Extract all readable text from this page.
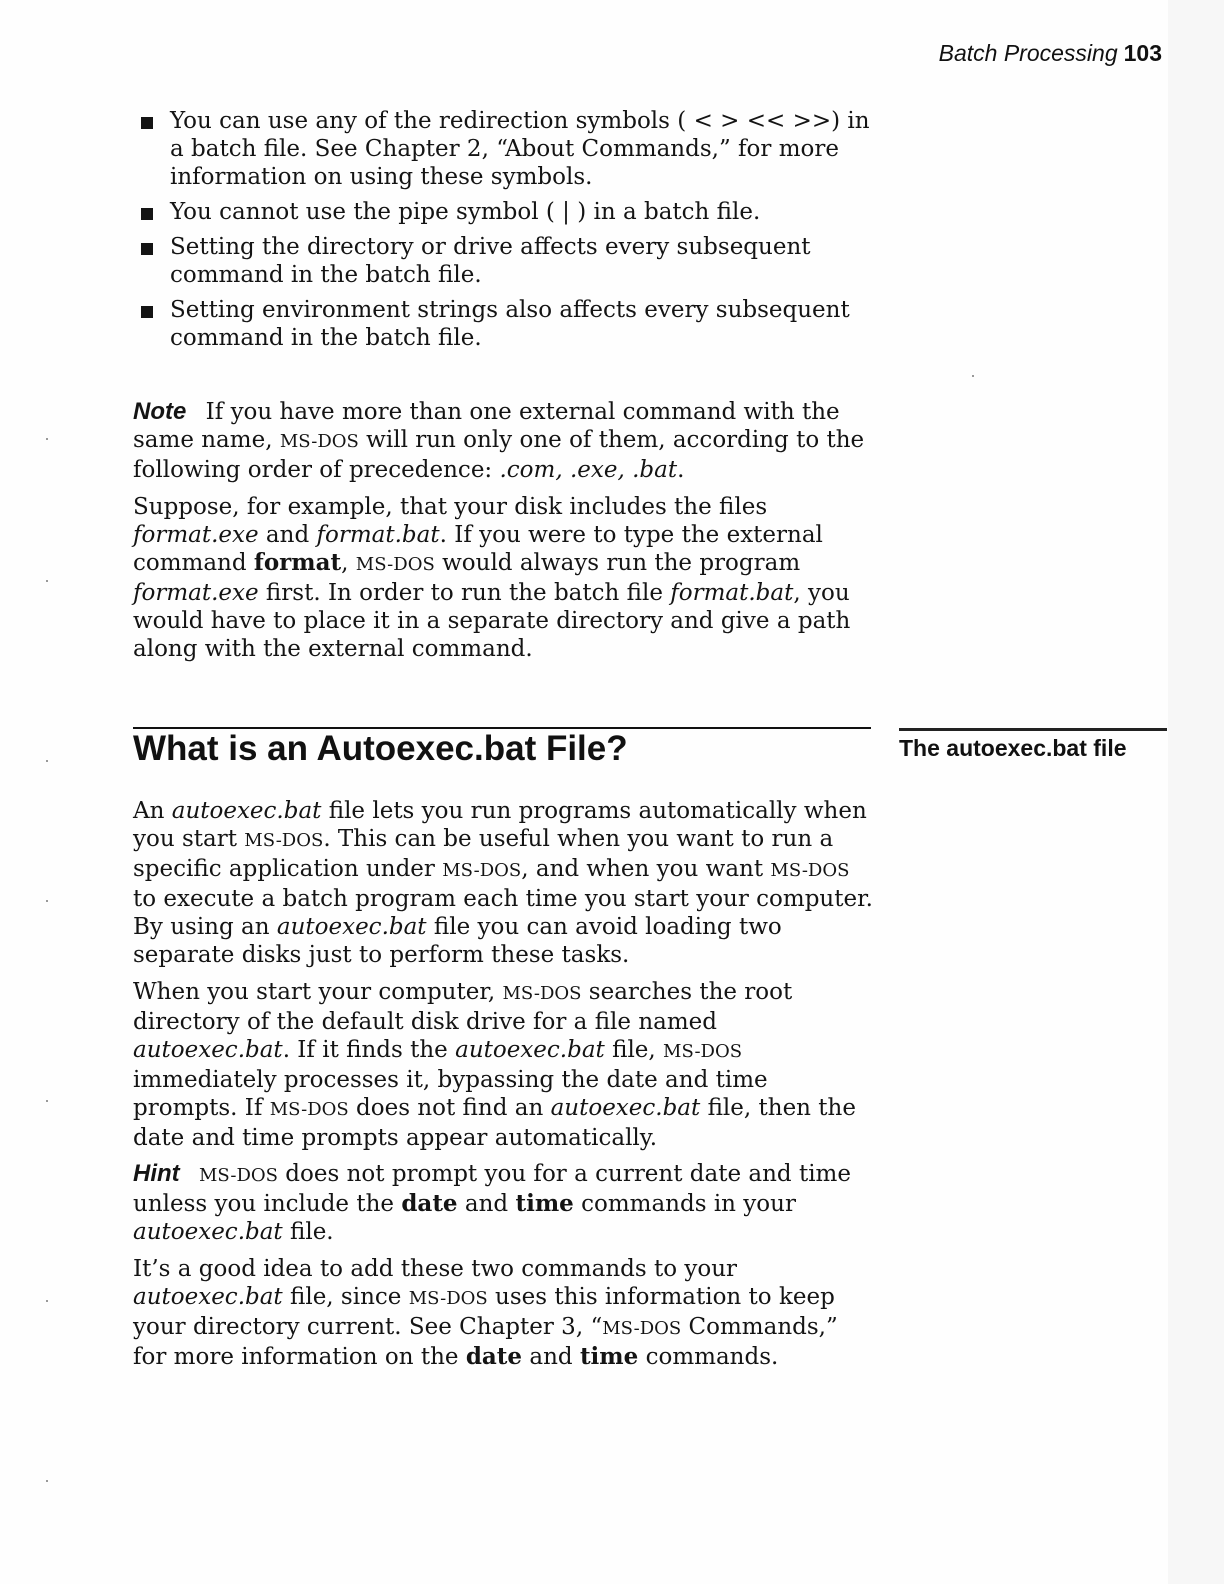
Batch Processing 103
You can use any of the redirection symbols ( < > << >>) in a batch file. See Chapter 2, “About Commands,” for more information on using these symbols.
You cannot use the pipe symbol ( | ) in a batch file.
Setting the directory or drive affects every subsequent command in the batch file.
Setting environment strings also affects every subsequent command in the batch file.

Note If you have more than one external command with the same name, MS-DOS will run only one of them, according to the following order of precedence: .com, .exe, .bat.

Suppose, for example, that your disk includes the files format.exe and format.bat. If you were to type the external command format, MS-DOS would always run the program format.exe first. In order to run the batch file format.bat, you would have to place it in a separate directory and give a path along with the external command.

What is an Autoexec.bat File?	The autoexec.bat file

An autoexec.bat file lets you run programs automatically when you start MS-DOS. This can be useful when you want to run a specific application under MS-DOS, and when you want MS-DOS to execute a batch program each time you start your computer. By using an autoexec.bat file you can avoid loading two separate disks just to perform these tasks.

When you start your computer, MS-DOS searches the root directory of the default disk drive for a file named autoexec.bat. If it finds the autoexec.bat file, MS-DOS immediately processes it, bypassing the date and time prompts. If MS-DOS does not find an autoexec.bat file, then the date and time prompts appear automatically.

Hint MS-DOS does not prompt you for a current date and time unless you include the date and time commands in your autoexec.bat file.

It’s a good idea to add these two commands to your autoexec.bat file, since MS-DOS uses this information to keep your directory current. See Chapter 3, “MS-DOS Commands,” for more information on the date and time commands.
